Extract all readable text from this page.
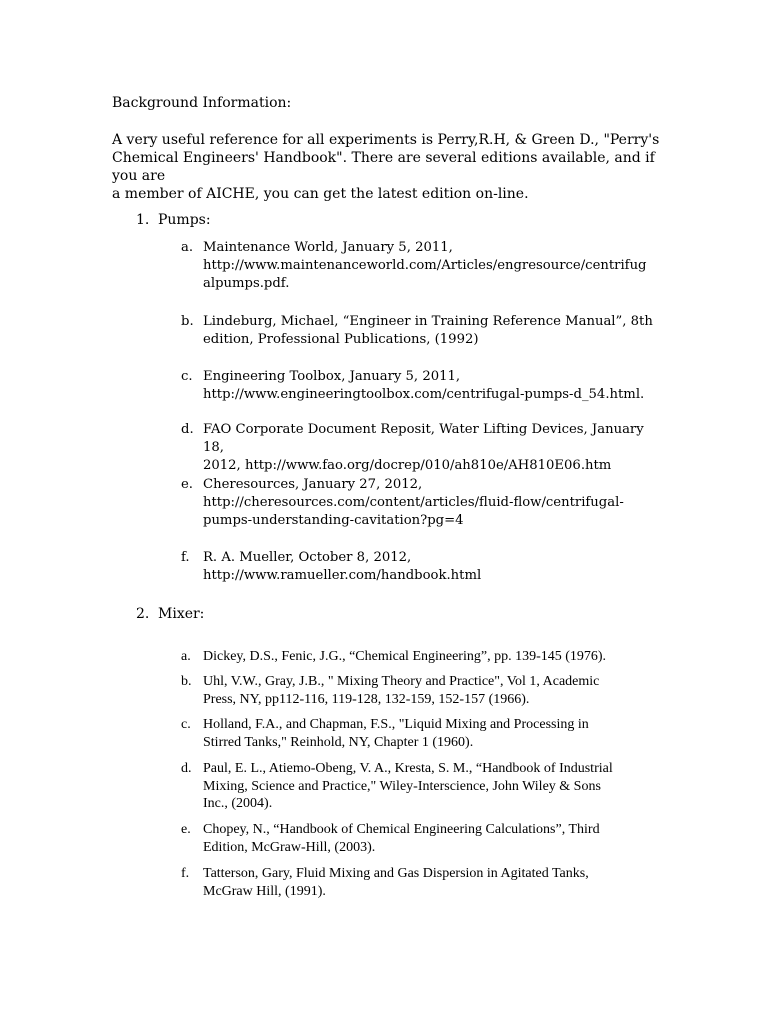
Background Information:
A very useful reference for all experiments is Perry,R.H, & Green D., "Perry's
Chemical Engineers' Handbook". There are several editions available, and if you are
a member of AICHE, you can get the latest edition on-line.
1. Pumps:
a. Maintenance World, January 5, 2011,
http://www.maintenanceworld.com/Articles/engresource/centrifug
alpumps.pdf.
b. Lindeburg, Michael, “Engineer in Training Reference Manual”, 8th
edition, Professional Publications, (1992)
c. Engineering Toolbox, January 5, 2011,
http://www.engineeringtoolbox.com/centrifugal-pumps-d_54.html.
d. FAO Corporate Document Reposit, Water Lifting Devices, January 18,
2012, http://www.fao.org/docrep/010/ah810e/AH810E06.htm
e. Cheresources, January 27, 2012,
http://cheresources.com/content/articles/fluid-flow/centrifugal-
pumps-understanding-cavitation?pg=4
f. R. A. Mueller, October 8, 2012,
http://www.ramueller.com/handbook.html
2. Mixer:
a. Dickey, D.S., Fenic, J.G., “Chemical Engineering”, pp. 139-145 (1976).
b. Uhl, V.W., Gray, J.B., " Mixing Theory and Practice", Vol 1, Academic
Press, NY, pp112-116, 119-128, 132-159, 152-157 (1966).
c. Holland, F.A., and Chapman, F.S., "Liquid Mixing and Processing in
Stirred Tanks," Reinhold, NY, Chapter 1 (1960).
d. Paul, E. L., Atiemo-Obeng, V. A., Kresta, S. M., “Handbook of Industrial
Mixing, Science and Practice," Wiley-Interscience, John Wiley & Sons
Inc., (2004).
e. Chopey, N., “Handbook of Chemical Engineering Calculations”, Third
Edition, McGraw-Hill, (2003).
f. Tatterson, Gary, Fluid Mixing and Gas Dispersion in Agitated Tanks,
McGraw Hill, (1991).
